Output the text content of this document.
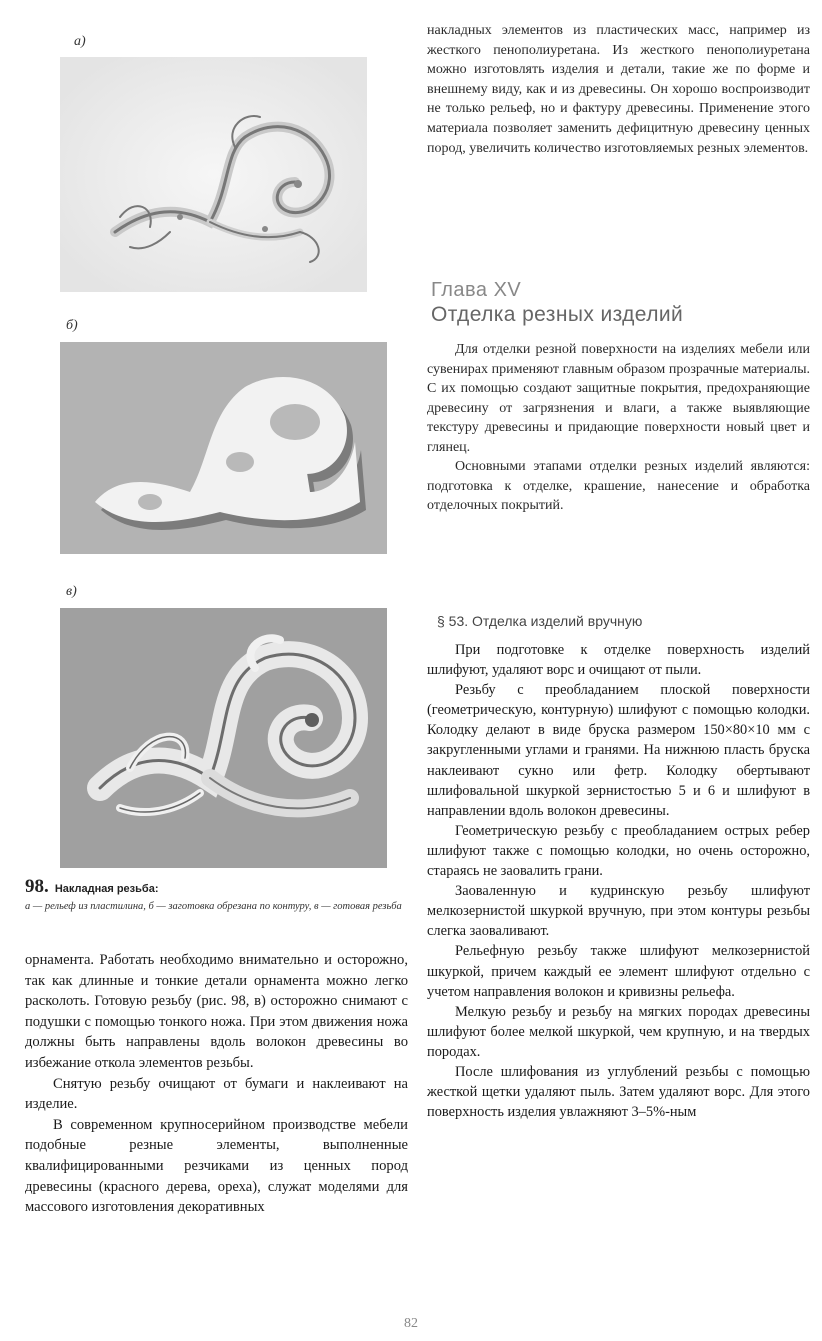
а)
б)
в)
98. Накладная резьба:
а — рельеф из пластилина, б — заготовка обрезана по контуру, в — готовая резьба

орнамента. Работать необходимо внимательно и осторожно, так как длинные и тонкие детали орнамента можно легко расколоть. Готовую резьбу (рис. 98, в) осторожно снимают с подушки с помощью тонкого ножа. При этом движения ножа должны быть направлены вдоль волокон древесины во избежание откола элементов резьбы.

Снятую резьбу очищают от бумаги и наклеивают на изделие.

В современном крупносерийном производстве мебели подобные резные элементы, выполненные квалифицированными резчиками из ценных пород древесины (красного дерева, ореха), служат моделями для массового изготовления декоративных

накладных элементов из пластических масс, например из жесткого пенополиуретана. Из жесткого пенополиуретана можно изготовлять изделия и детали, такие же по форме и внешнему виду, как и из древесины. Он хорошо воспроизводит не только рельеф, но и фактуру древесины. Применение этого материала позволяет заменить дефицитную древесину ценных пород, увеличить количество изготовляемых резных элементов.

Глава XV
Отделка резных изделий

Для отделки резной поверхности на изделиях мебели или сувенирах применяют главным образом прозрачные материалы. С их помощью создают защитные покрытия, предохраняющие древесину от загрязнения и влаги, а также выявляющие текстуру древесины и придающие поверхности новый цвет и глянец.

Основными этапами отделки резных изделий являются: подготовка к отделке, крашение, нанесение и обработка отделочных покрытий.

§ 53. Отделка изделий вручную

При подготовке к отделке поверхность изделий шлифуют, удаляют ворс и очищают от пыли.

Резьбу с преобладанием плоской поверхности (геометрическую, контурную) шлифуют с помощью колодки. Колодку делают в виде бруска размером 150×80×10 мм с закругленными углами и гранями. На нижнюю пласть бруска наклеивают сукно или фетр. Колодку обертывают шлифовальной шкуркой зернистостью 5 и 6 и шлифуют в направлении вдоль волокон древесины.

Геометрическую резьбу с преобладанием острых ребер шлифуют также с помощью колодки, но очень осторожно, стараясь не заовалить грани.

Заоваленную и кудринскую резьбу шлифуют мелкозернистой шкуркой вручную, при этом контуры резьбы слегка заоваливают.

Рельефную резьбу также шлифуют мелкозернистой шкуркой, причем каждый ее элемент шлифуют отдельно с учетом направления волокон и кривизны рельефа.

Мелкую резьбу и резьбу на мягких породах древесины шлифуют более мелкой шкуркой, чем крупную, и на твердых породах.

После шлифования из углублений резьбы с помощью жесткой щетки удаляют пыль. Затем удаляют ворс. Для этого поверхность изделия увлажняют 3–5%-ным

82
